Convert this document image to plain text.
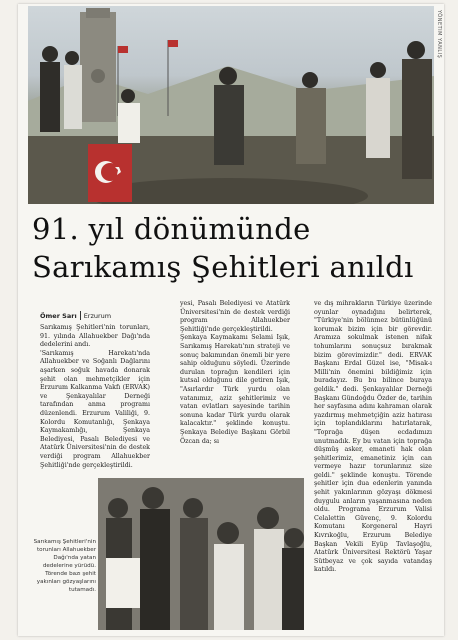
YÖNETIM YANLIŞ
91. yıl dönümünde
Sarıkamış Şehitleri anıldı
Ömer Sarı Erzurum
Sarıkamış Şehitleri'nin torunları, 91. yılında Allahuekber Dağı'nda dedelerini andı.
'Sarıkamış Harekatı'nda Allahuekber ve Soğanlı Dağlarını aşarken soğuk havada donarak şehit olan mehmetçikler için Erzurum Kalkanma Vakfı (ERVAK) ve Şenkayalılar Derneği tarafından anma programı düzenlendi. Erzurum Valiliği, 9. Kolordu Komutanlığı, Şenkaya Kaymakamlığı, Şenkaya Belediyesi, Pasalı Belediyesi ve Atatürk Üniversitesi'nin de destek verdiği program Allahuekber Şehitliği'nde gerçekleştirildi.
yesi, Pasalı Belediyesi ve Atatürk Üniversitesi'nin de destek verdiği program Allahuekber Şehitliği'nde gerçekleştirildi.
Şenkaya Kaymakamı Selami Işık, Sarıkamış Harekatı'nın strateji ve sonuç bakımından önemli bir yere sahip olduğunu söyledi. Üzerinde durulan toprağın kendileri için kutsal olduğunu dile getiren Işık, "Asırlardır Türk yurdu olan vatanımız, aziz şehitlerimiz ve vatan evlatları sayesinde tarihin sonuna kadar Türk yurdu olarak kalacaktır." şeklinde konuştu. Şenkaya Belediye Başkanı Görbil Özcan da; sı
ve dış mihrakların Türkiye üzerinde oyunlar oynadığını belirterek, "Türkiye'nin bölünmez bütünlüğünü korumak bizim için bir görevdir. Aramıza sokulmak istenen nifak tohumlarını sonuçsuz bırakmak bizim görevimizdir." dedi. ERVAK Başkanı Erdal Güzel ise, "Misak-ı Milli'nin önemini bildiğimiz için buradayız. Bu bu bilince buraya geldik." dedi. Şenkayalılar Derneği Başkanı Gündoğdu Özder de, tarihin her sayfasına adını kahraman olarak yazdırmış mehmetçiğin aziz hatırası için toplandıklarını hatırlatarak, "Toprağa düşen ecdadımızı unutmadık. Ey bu vatan için toprağa düşmüş asker, emaneti hak olan şehitlerimiz, emanetiniz için can vermeye hazır torunlarınız size geldi." şeklinde konuştu. Törende şehitler için dua edenlerin yanında şehit yakınlarının gözyaşı dökmesi duygulu anların yaşanmasına neden oldu. Programa Erzurum Valisi Celalettin Güvenç, 9. Kolordu Komutanı Korgeneral Hayri Kıvrıkoğlu, Erzurum Belediye Başkan Vekili Eyüp Tavlaşoğlu, Atatürk Üniversitesi Rektörü Yaşar Sütbeyaz ve çok sayıda vatandaş katıldı.
Sarıkamış Şehitleri'nin torunları Allahuekber Dağı'nda yatan dedelerine yürüdü. Törende bazı şehit yakınları gözyaşlarını tutamadı.
